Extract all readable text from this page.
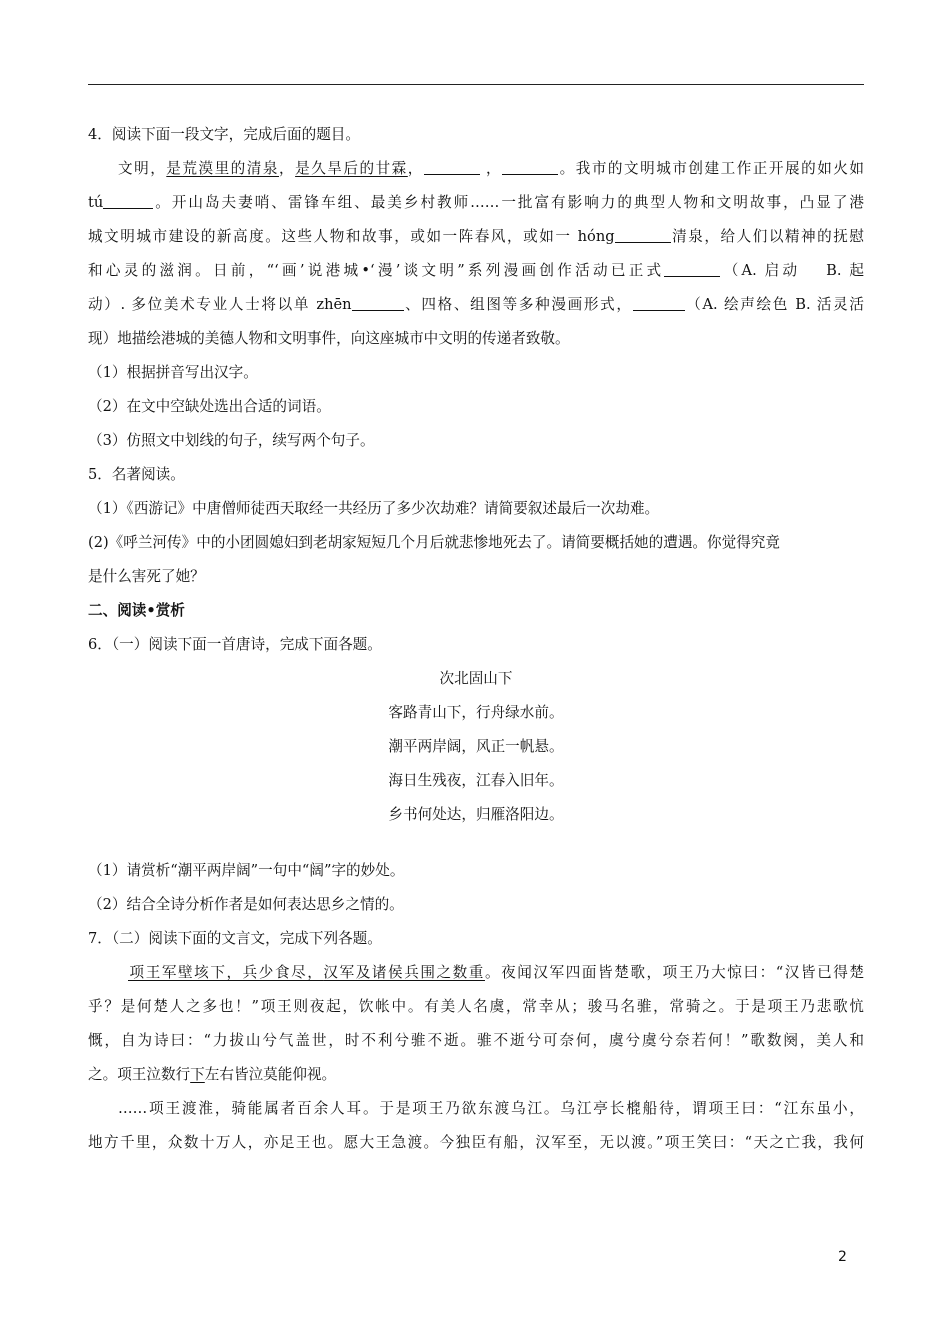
4．阅读下面一段文字，完成后面的题目。
文明，是荒漠里的清泉，是久旱后的甘霖，	，	。我市的文明城市创建工作正开展的如火如
tú	。开山岛夫妻哨、雷锋车组、最美乡村教师……一批富有影响力的典型人物和文明故事，凸显了港
城文明城市建设的新高度。这些人物和故事，或如一阵春风，或如一 hóng	清泉，给人们以精神的抚慰
和心灵的滋润。日前，“‘画’说港城•‘漫’谈文明”系列漫画创作活动已正式	（A. 启动　 B. 起
动）. 多位美术专业人士将以单 zhēn	、四格、组图等多种漫画形式，	（A. 绘声绘色 B. 活灵活
现）地描绘港城的美德人物和文明事件，向这座城市中文明的传递者致敬。
（1）根据拼音写出汉字。
（2）在文中空缺处选出合适的词语。
（3）仿照文中划线的句子，续写两个句子。
5．名著阅读。
（1）《西游记》中唐僧师徒西天取经一共经历了多少次劫难？请简要叙述最后一次劫难。
(2)《呼兰河传》中的小团圆媳妇到老胡家短短几个月后就悲惨地死去了。请简要概括她的遭遇。你觉得究竟
是什么害死了她？
二、阅读•赏析
6．（一）阅读下面一首唐诗，完成下面各题。
次北固山下
客路青山下，行舟绿水前。
潮平两岸阔，风正一帆悬。
海日生残夜，江春入旧年。
乡书何处达，归雁洛阳边。
（1）请赏析“潮平两岸阔”一句中“阔”字的妙处。
（2）结合全诗分析作者是如何表达思乡之情的。
7．（二）阅读下面的文言文，完成下列各题。
项王军壁垓下，兵少食尽，汉军及诸侯兵围之数重。夜闻汉军四面皆楚歌，项王乃大惊曰：“汉皆已得楚
乎？是何楚人之多也！”项王则夜起，饮帐中。有美人名虞，常幸从；骏马名骓，常骑之。于是项王乃悲歌忼
慨，自为诗曰：“力拔山兮气盖世，时不利兮骓不逝。骓不逝兮可奈何，虞兮虞兮奈若何！”歌数阕，美人和
之。项王泣数行下左右皆泣莫能仰视。
……项王渡淮，骑能属者百余人耳。于是项王乃欲东渡乌江。乌江亭长㮰船待，谓项王曰：“江东虽小，
地方千里，众数十万人，亦足王也。愿大王急渡。今独臣有船，汉军至，无以渡。”项王笑曰：“天之亡我，我何
2
